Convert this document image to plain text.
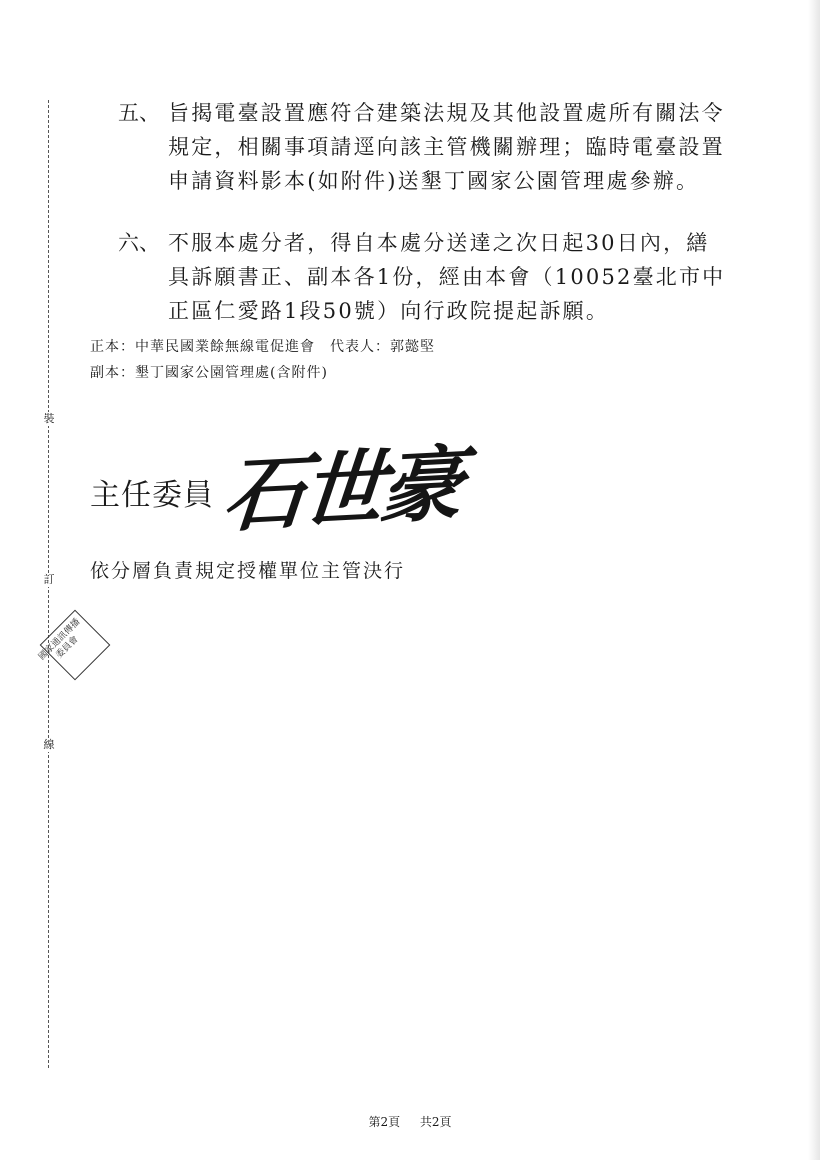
裝
訂
線
五、 旨揭電臺設置應符合建築法規及其他設置處所有關法令規定，相關事項請逕向該主管機關辦理；臨時電臺設置申請資料影本(如附件)送墾丁國家公園管理處參辦。
六、 不服本處分者，得自本處分送達之次日起30日內，繕具訴願書正、副本各1份，經由本會（10052臺北市中正區仁愛路1段50號）向行政院提起訴願。
正本：中華民國業餘無線電促進會　代表人：郭懿堅
副本：墾丁國家公園管理處(含附件)
主任委員 石世豪
依分層負責規定授權單位主管決行
國家通訊傳播委員會
第2頁 共2頁
